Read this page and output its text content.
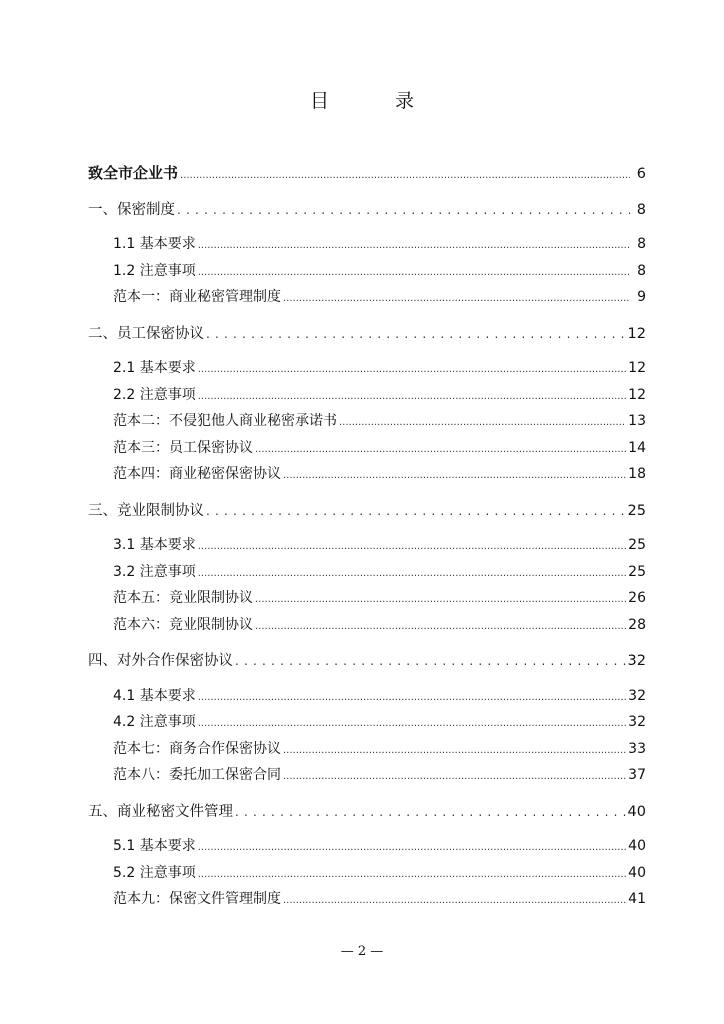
目 录
致全市企业书 .....	6
一、保密制度 .....	8
1.1 基本要求 .....	8
1.2 注意事项 .....	8
范本一：商业秘密管理制度 .....	9
二、员工保密协议 .....	12
2.1 基本要求 .....	12
2.2 注意事项 .....	12
范本二：不侵犯他人商业秘密承诺书 .....	13
范本三：员工保密协议 .....	14
范本四：商业秘密保密协议 .....	18
三、竞业限制协议 .....	25
3.1 基本要求 .....	25
3.2 注意事项 .....	25
范本五：竞业限制协议 .....	26
范本六：竞业限制协议 .....	28
四、对外合作保密协议 .....	32
4.1 基本要求 .....	32
4.2 注意事项 .....	32
范本七：商务合作保密协议 .....	33
范本八：委托加工保密合同 .....	37
五、商业秘密文件管理 .....	40
5.1 基本要求 .....	40
5.2 注意事项 .....	40
范本九：保密文件管理制度 .....	41
— 2 —
